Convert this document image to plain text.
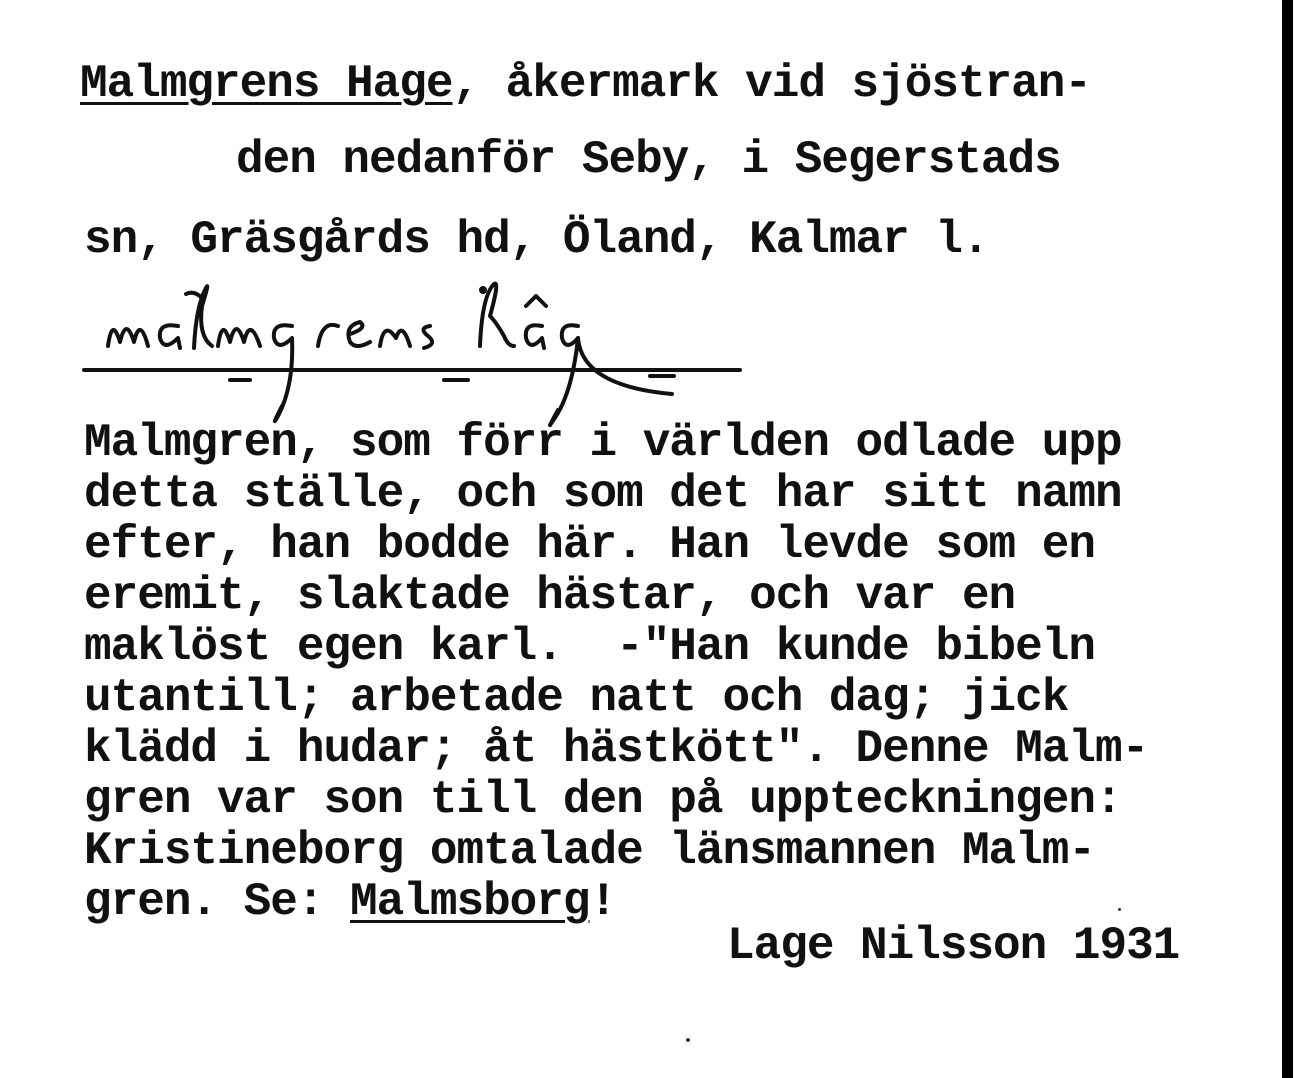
Malmgrens Hage, åkermark vid sjöstran-
den nedanför Seby, i Segerstads
sn, Gräsgårds hd, Öland, Kalmar l.
Malmgren, som förr i världen odlade upp
detta ställe, och som det har sitt namn
efter, han bodde här. Han levde som en
eremit, slaktade hästar, och var en
maklöst egen karl.  -"Han kunde bibeln
utantill; arbetade natt och dag; jick
klädd i hudar; åt hästkött". Denne Malm-
gren var son till den på uppteckningen:
Kristineborg omtalade länsmannen Malm-
gren. Se: Malmsborg!
Lage Nilsson 1931
